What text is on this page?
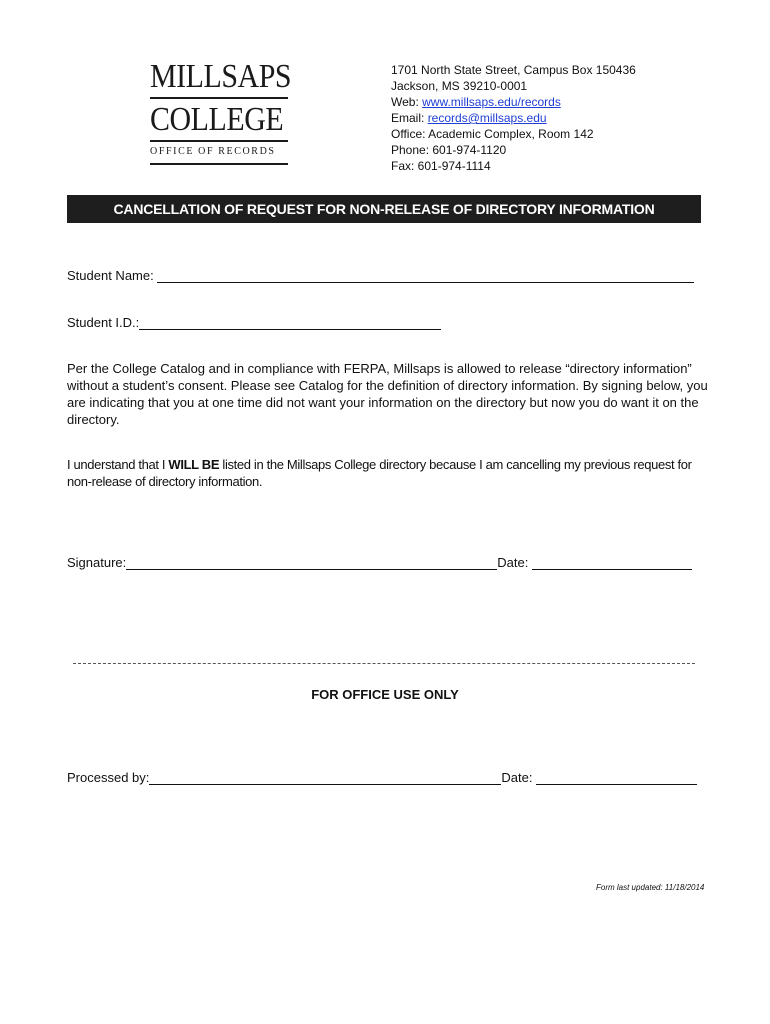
MILLSAPS
COLLEGE
OFFICE OF RECORDS
1701 North State Street, Campus Box 150436
Jackson, MS 39210-0001
Web: www.millsaps.edu/records
Email: records@millsaps.edu
Office: Academic Complex, Room 142
Phone: 601-974-1120
Fax: 601-974-1114
CANCELLATION OF REQUEST FOR NON-RELEASE OF DIRECTORY INFORMATION
Student Name:
Student I.D.:
Per the College Catalog and in compliance with FERPA, Millsaps is allowed to release “directory information” without a student’s consent. Please see Catalog for the definition of directory information. By signing below, you are indicating that you at one time did not want your information on the directory but now you do want it on the directory.
I understand that I WILL BE listed in the Millsaps College directory because I am cancelling my previous request for non-release of directory information.
Signature:	Date:
FOR OFFICE USE ONLY
Processed by:	Date:
Form last updated: 11/18/2014
